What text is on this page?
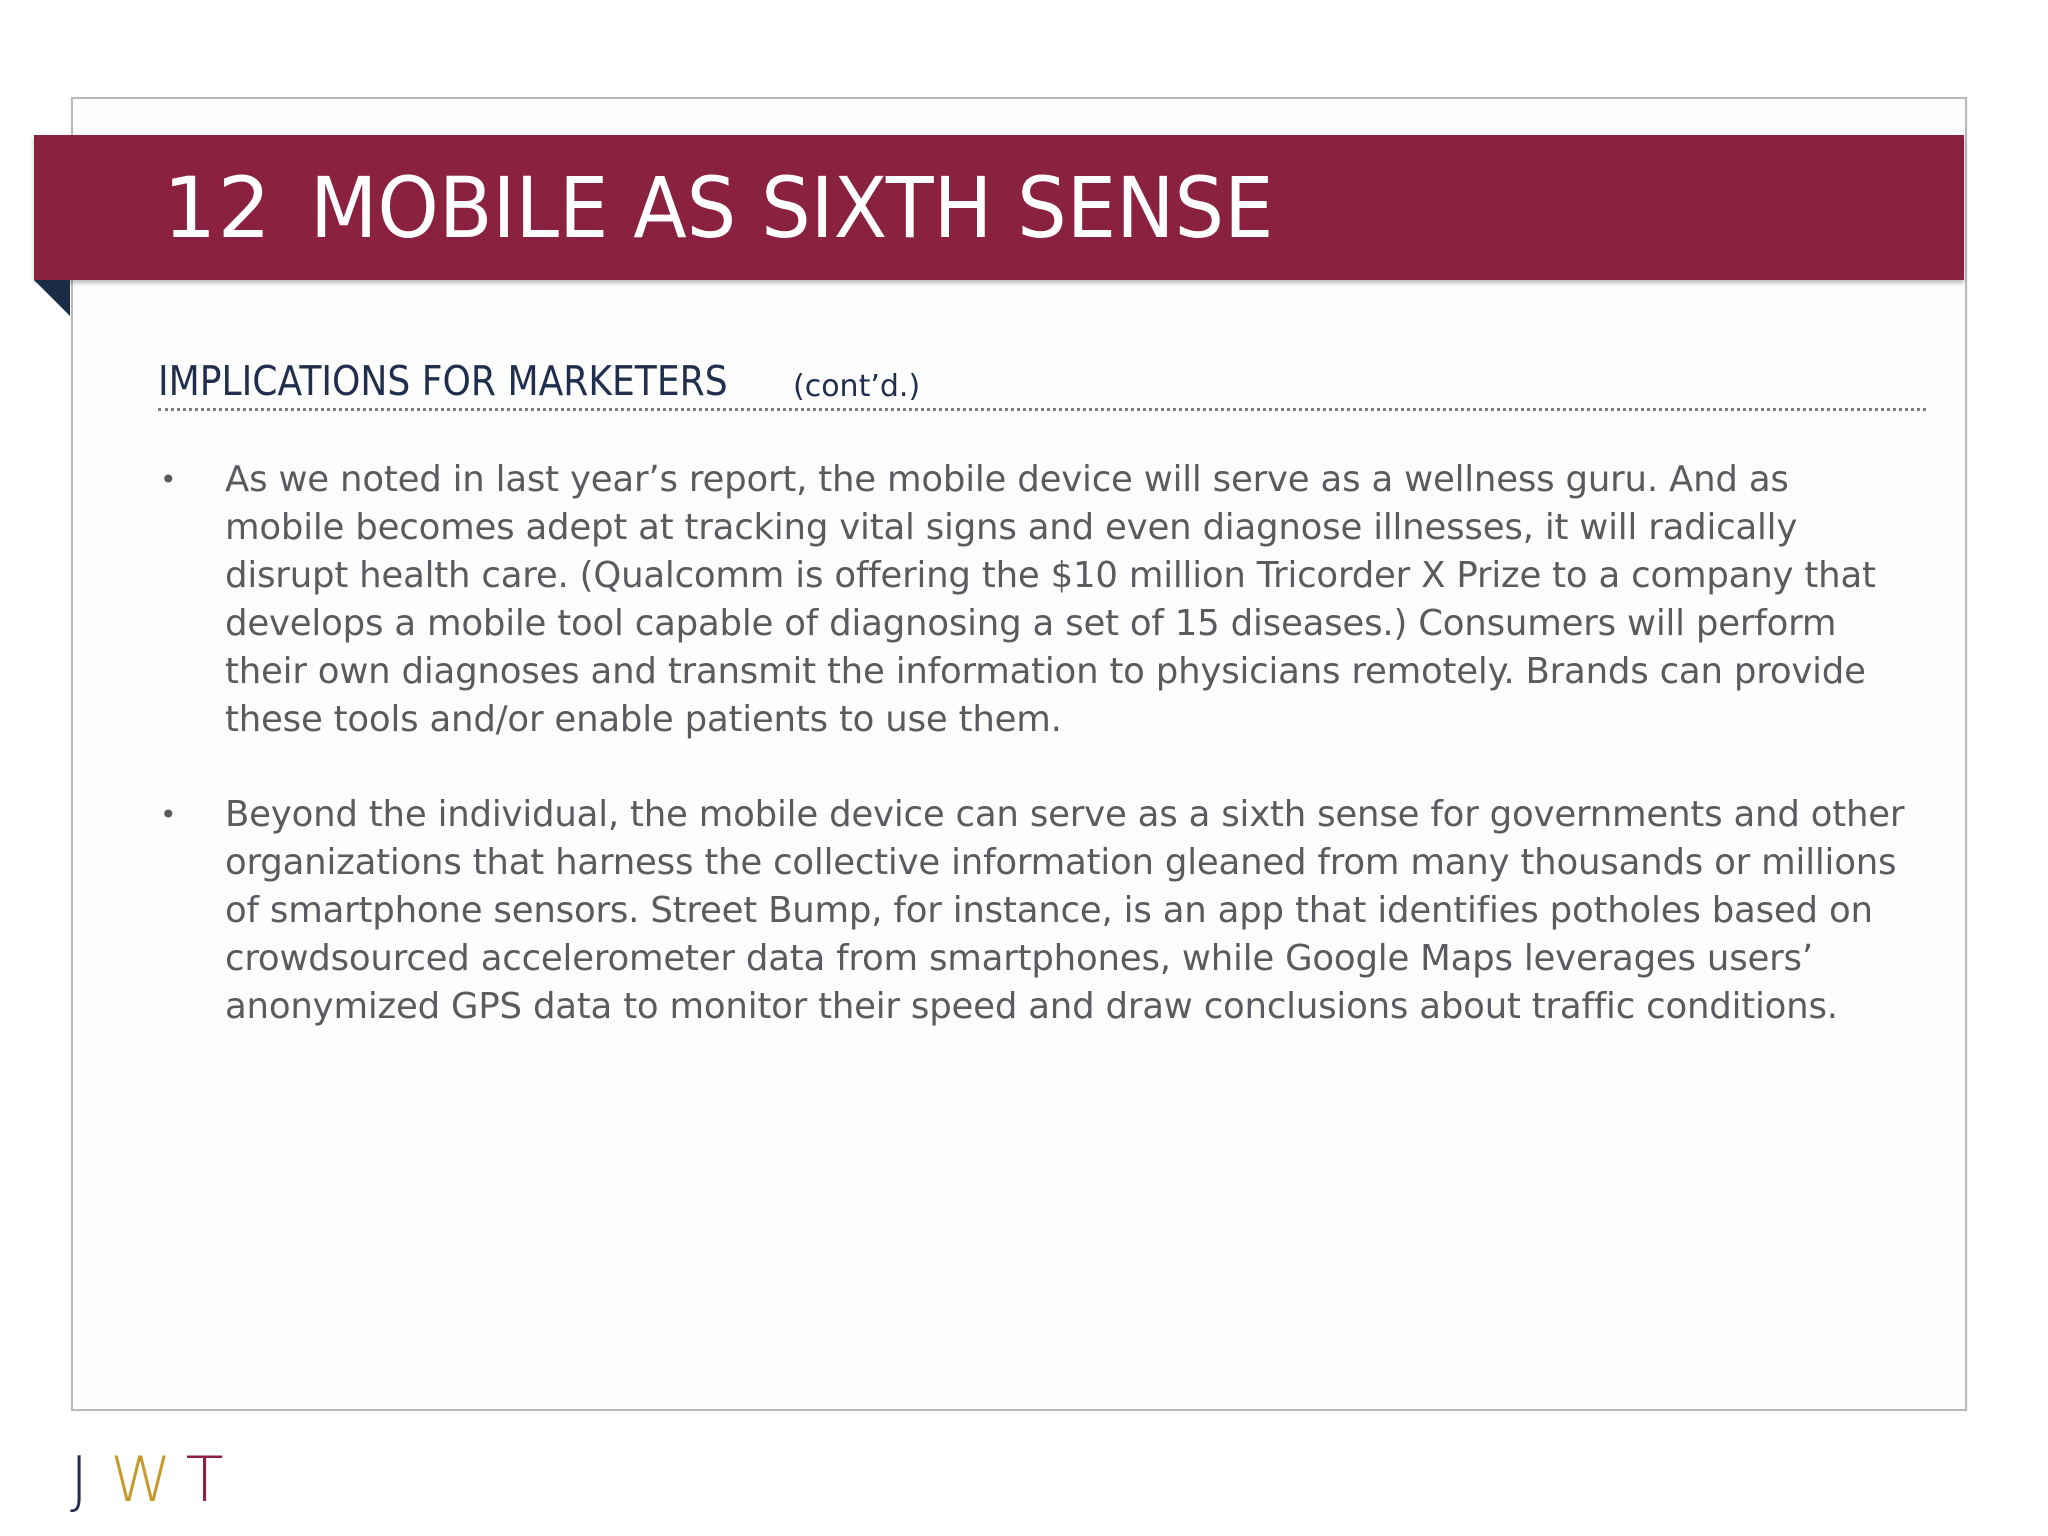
12 MOBILE AS SIXTH SENSE
IMPLICATIONS FOR MARKETERS (cont’d.)
• As we noted in last year’s report, the mobile device will serve as a wellness guru. And as mobile becomes adept at tracking vital signs and even diagnose illnesses, it will radically disrupt health care. (Qualcomm is offering the $10 million Tricorder X Prize to a company that develops a mobile tool capable of diagnosing a set of 15 diseases.) Consumers will perform their own diagnoses and transmit the information to physicians remotely. Brands can provide these tools and/or enable patients to use them.
• Beyond the individual, the mobile device can serve as a sixth sense for governments and other organizations that harness the collective information gleaned from many thousands or millions of smartphone sensors. Street Bump, for instance, is an app that identifies potholes based on crowdsourced accelerometer data from smartphones, while Google Maps leverages users’ anonymized GPS data to monitor their speed and draw conclusions about traffic conditions.
J W T
